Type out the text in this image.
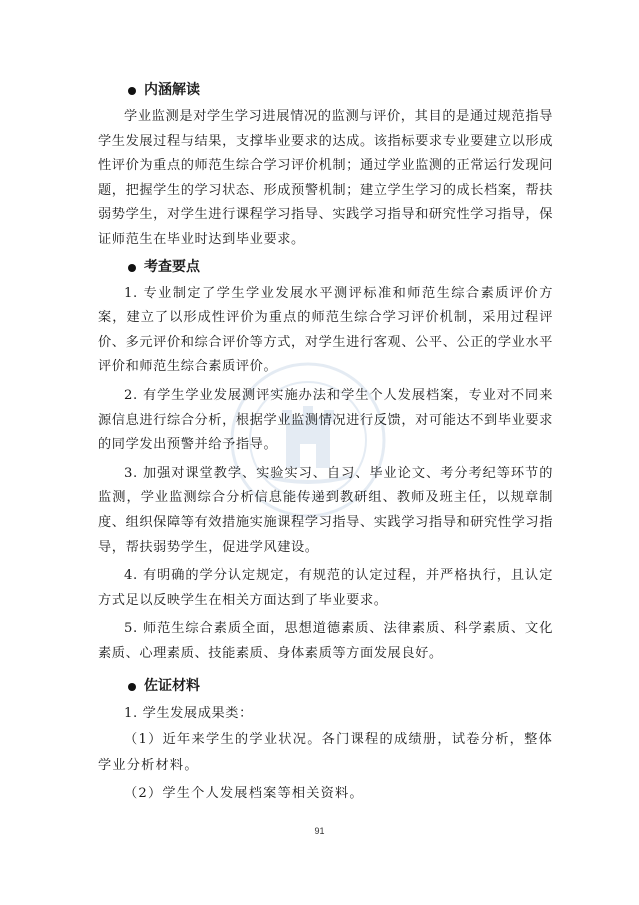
内涵解读

学业监测是对学生学习进展情况的监测与评价，其目的是通过规范指导学生发展过程与结果，支撑毕业要求的达成。该指标要求专业要建立以形成性评价为重点的师范生综合学习评价机制；通过学业监测的正常运行发现问题，把握学生的学习状态、形成预警机制；建立学生学习的成长档案，帮扶弱势学生，对学生进行课程学习指导、实践学习指导和研究性学习指导，保证师范生在毕业时达到毕业要求。

考查要点

1. 专业制定了学生学业发展水平测评标准和师范生综合素质评价方案，建立了以形成性评价为重点的师范生综合学习评价机制，采用过程评价、多元评价和综合评价等方式，对学生进行客观、公平、公正的学业水平评价和师范生综合素质评价。

2. 有学生学业发展测评实施办法和学生个人发展档案，专业对不同来源信息进行综合分析，根据学业监测情况进行反馈，对可能达不到毕业要求的同学发出预警并给予指导。

3. 加强对课堂教学、实验实习、自习、毕业论文、考分考纪等环节的监测，学业监测综合分析信息能传递到教研组、教师及班主任，以规章制度、组织保障等有效措施实施课程学习指导、实践学习指导和研究性学习指导，帮扶弱势学生，促进学风建设。

4. 有明确的学分认定规定，有规范的认定过程，并严格执行，且认定方式足以反映学生在相关方面达到了毕业要求。

5. 师范生综合素质全面，思想道德素质、法律素质、科学素质、文化素质、心理素质、技能素质、身体素质等方面发展良好。

佐证材料

1. 学生发展成果类：

（1）近年来学生的学业状况。各门课程的成绩册，试卷分析，整体学业分析材料。

（2）学生个人发展档案等相关资料。

91
